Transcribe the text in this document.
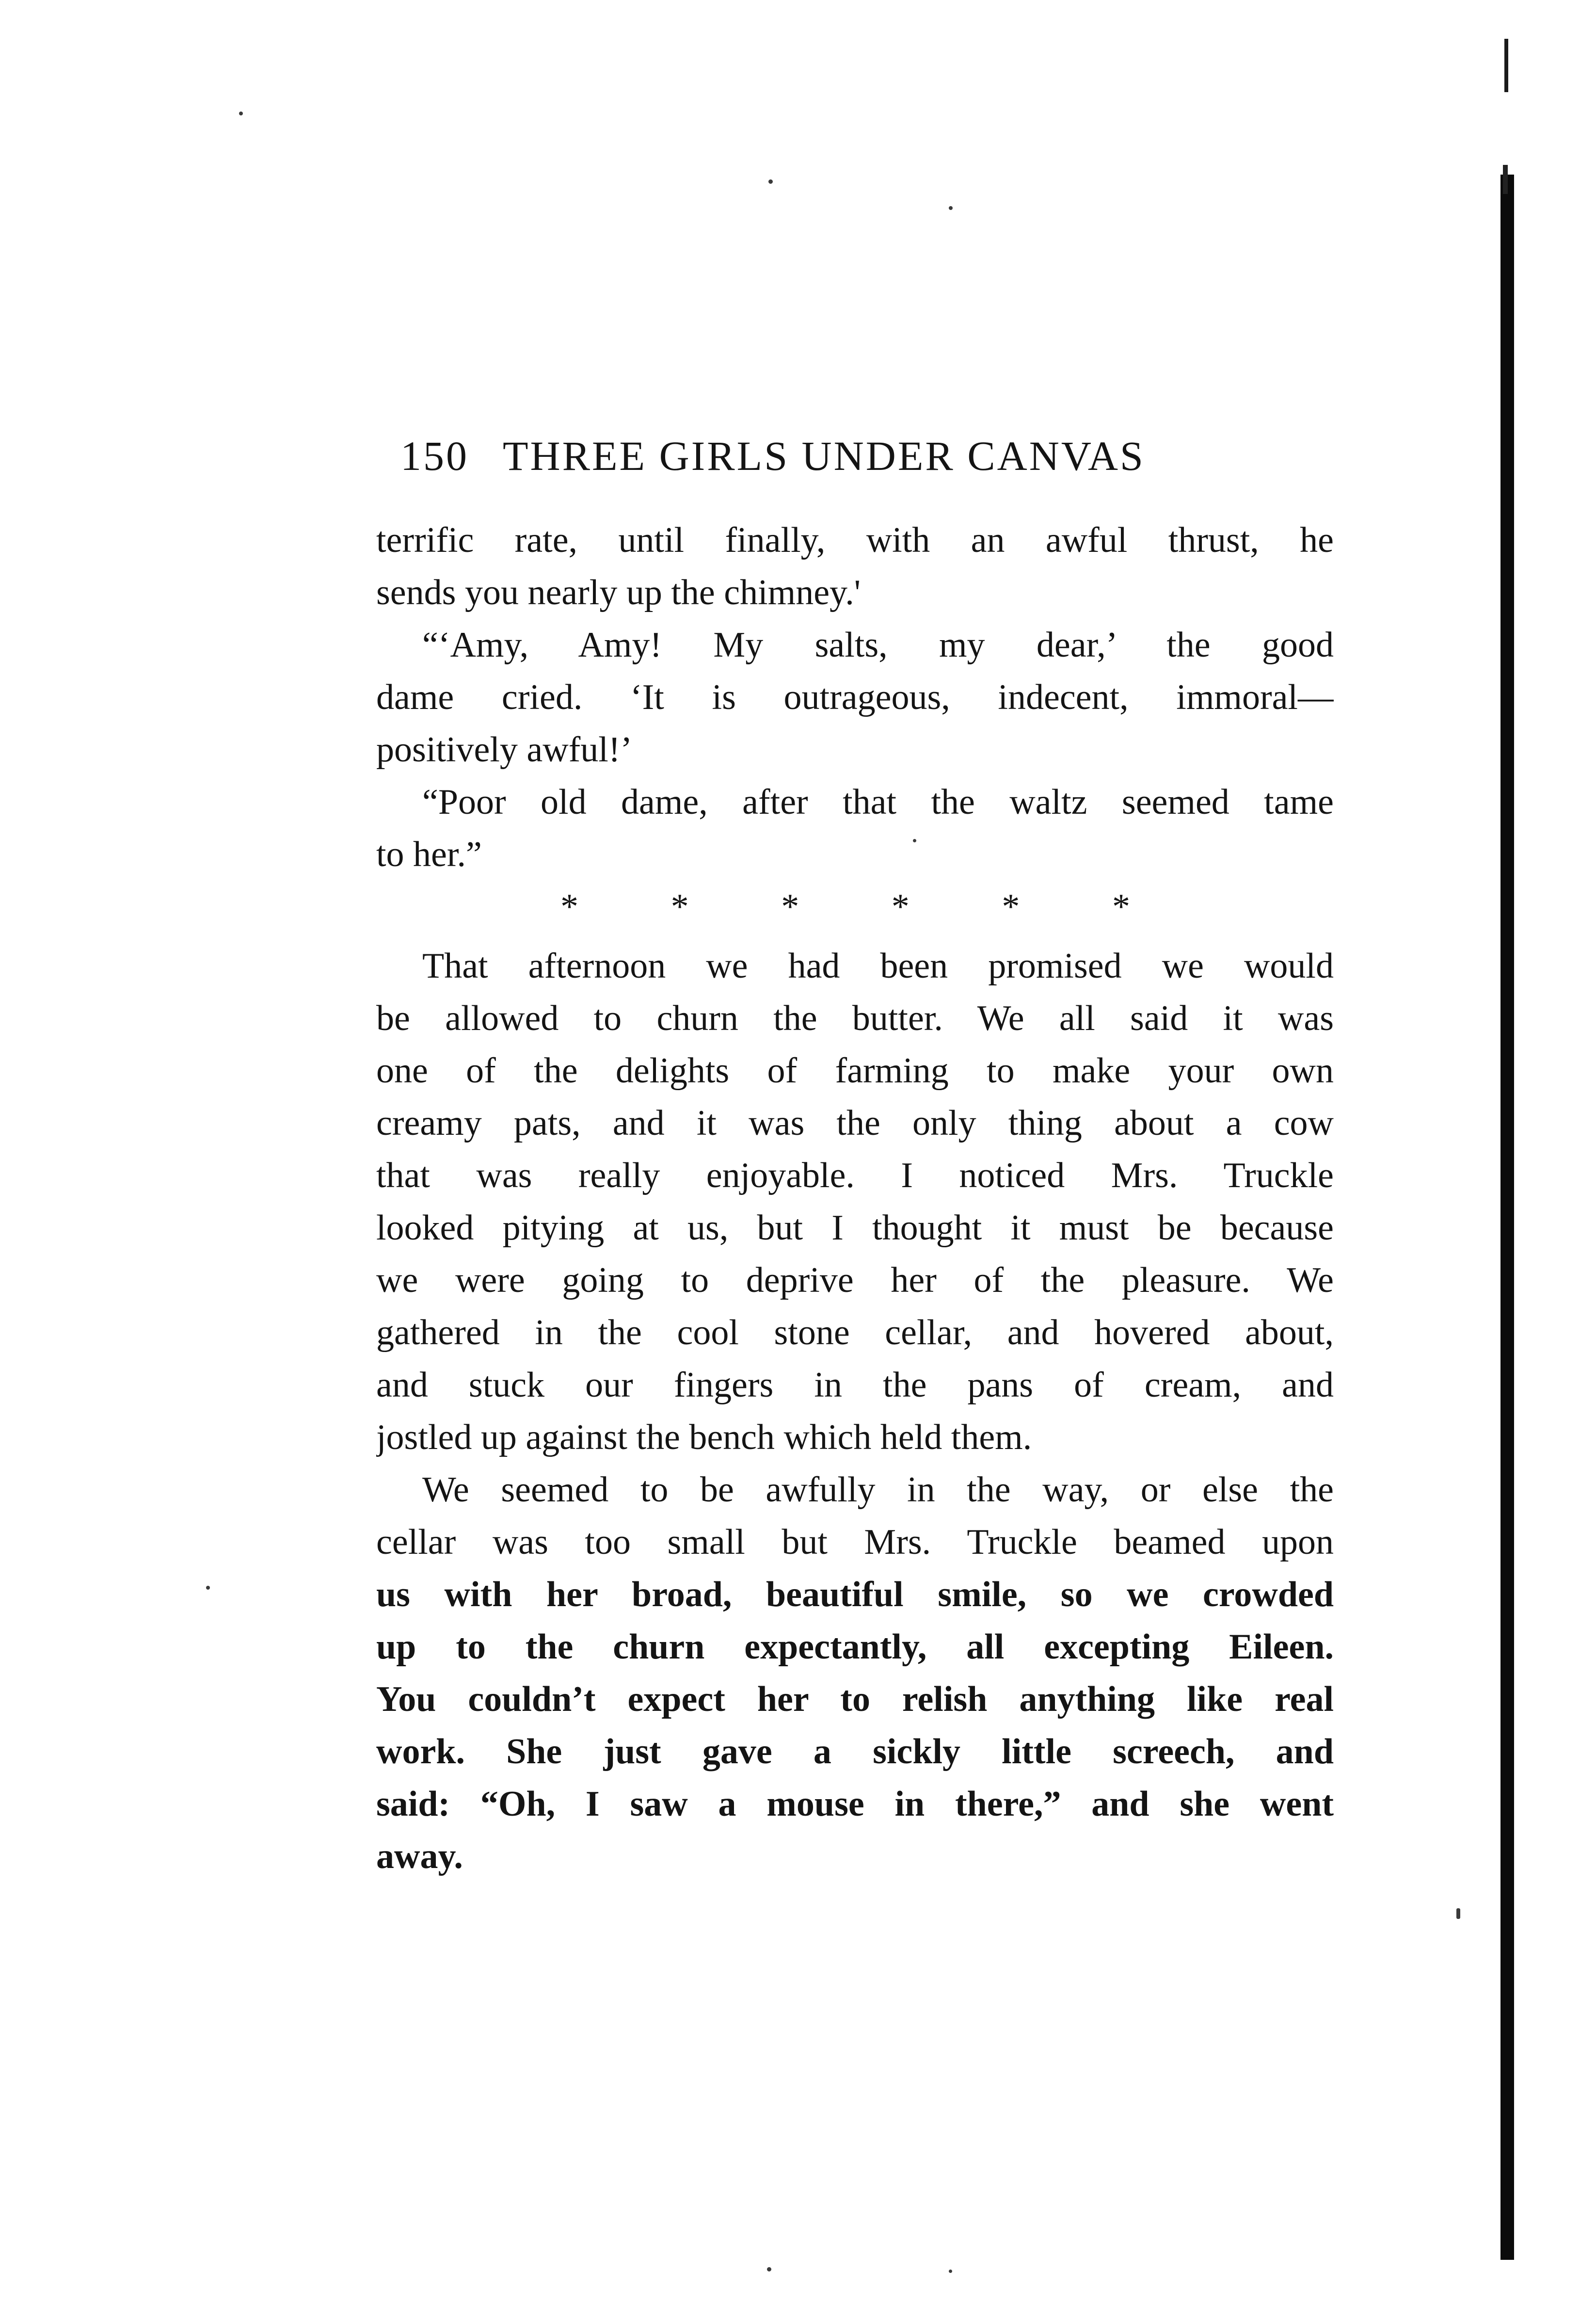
150 THREE GIRLS UNDER CANVAS
terrific rate, until finally, with an awful thrust, he
sends you nearly up the chimney.'
“‘Amy, Amy! My salts, my dear,’ the good
dame cried. ‘It is outrageous, indecent, immoral—
positively awful!’
“Poor old dame, after that the waltz seemed tame
to her.”
*	*	*	*	*	*
That afternoon we had been promised we would
be allowed to churn the butter. We all said it was
one of the delights of farming to make your own
creamy pats, and it was the only thing about a cow
that was really enjoyable. I noticed Mrs. Truckle
looked pitying at us, but I thought it must be because
we were going to deprive her of the pleasure. We
gathered in the cool stone cellar, and hovered about,
and stuck our fingers in the pans of cream, and
jostled up against the bench which held them.
We seemed to be awfully in the way, or else the
cellar was too small but Mrs. Truckle beamed upon
us with her broad, beautiful smile, so we crowded
up to the churn expectantly, all excepting Eileen.
You couldn’t expect her to relish anything like real
work. She just gave a sickly little screech, and
said: “Oh, I saw a mouse in there,” and she went
away.
